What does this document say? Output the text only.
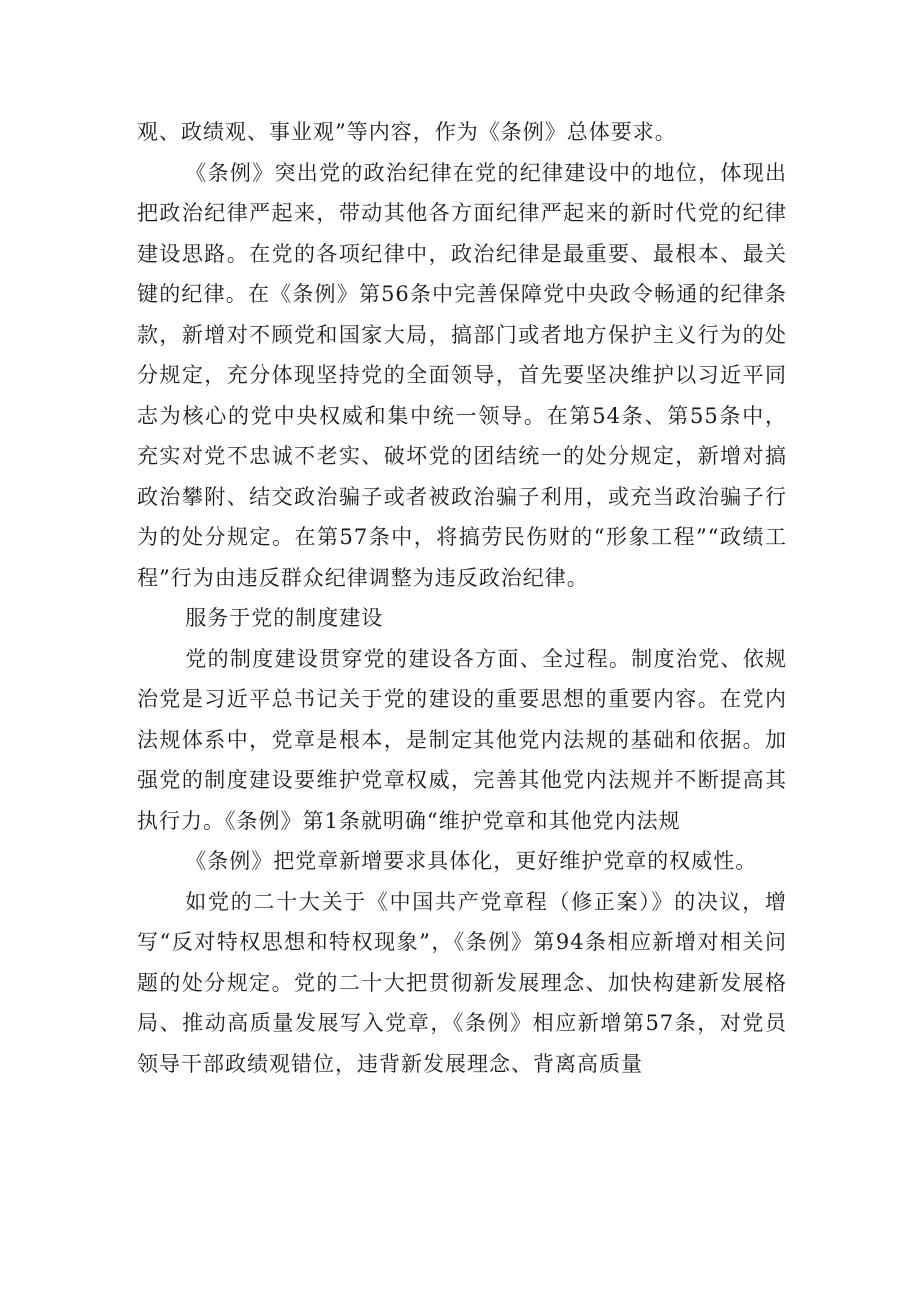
观、政绩观、事业观”等内容，作为《条例》总体要求。

《条例》突出党的政治纪律在党的纪律建设中的地位，体现出把政治纪律严起来，带动其他各方面纪律严起来的新时代党的纪律建设思路。在党的各项纪律中，政治纪律是最重要、最根本、最关键的纪律。在《条例》第56条中完善保障党中央政令畅通的纪律条款，新增对不顾党和国家大局，搞部门或者地方保护主义行为的处分规定，充分体现坚持党的全面领导，首先要坚决维护以习近平同志为核心的党中央权威和集中统一领导。在第54条、第55条中，充实对党不忠诚不老实、破坏党的团结统一的处分规定，新增对搞政治攀附、结交政治骗子或者被政治骗子利用，或充当政治骗子行为的处分规定。在第57条中，将搞劳民伤财的“形象工程”“政绩工程”行为由违反群众纪律调整为违反政治纪律。

服务于党的制度建设

党的制度建设贯穿党的建设各方面、全过程。制度治党、依规治党是习近平总书记关于党的建设的重要思想的重要内容。在党内法规体系中，党章是根本，是制定其他党内法规的基础和依据。加强党的制度建设要维护党章权威，完善其他党内法规并不断提高其执行力。《条例》第1条就明确“维护党章和其他党内法规

《条例》把党章新增要求具体化，更好维护党章的权威性。

如党的二十大关于《中国共产党章程（修正案）》的决议，增写“反对特权思想和特权现象”，《条例》第94条相应新增对相关问题的处分规定。党的二十大把贯彻新发展理念、加快构建新发展格局、推动高质量发展写入党章，《条例》相应新增第57条，对党员领导干部政绩观错位，违背新发展理念、背离高质量
